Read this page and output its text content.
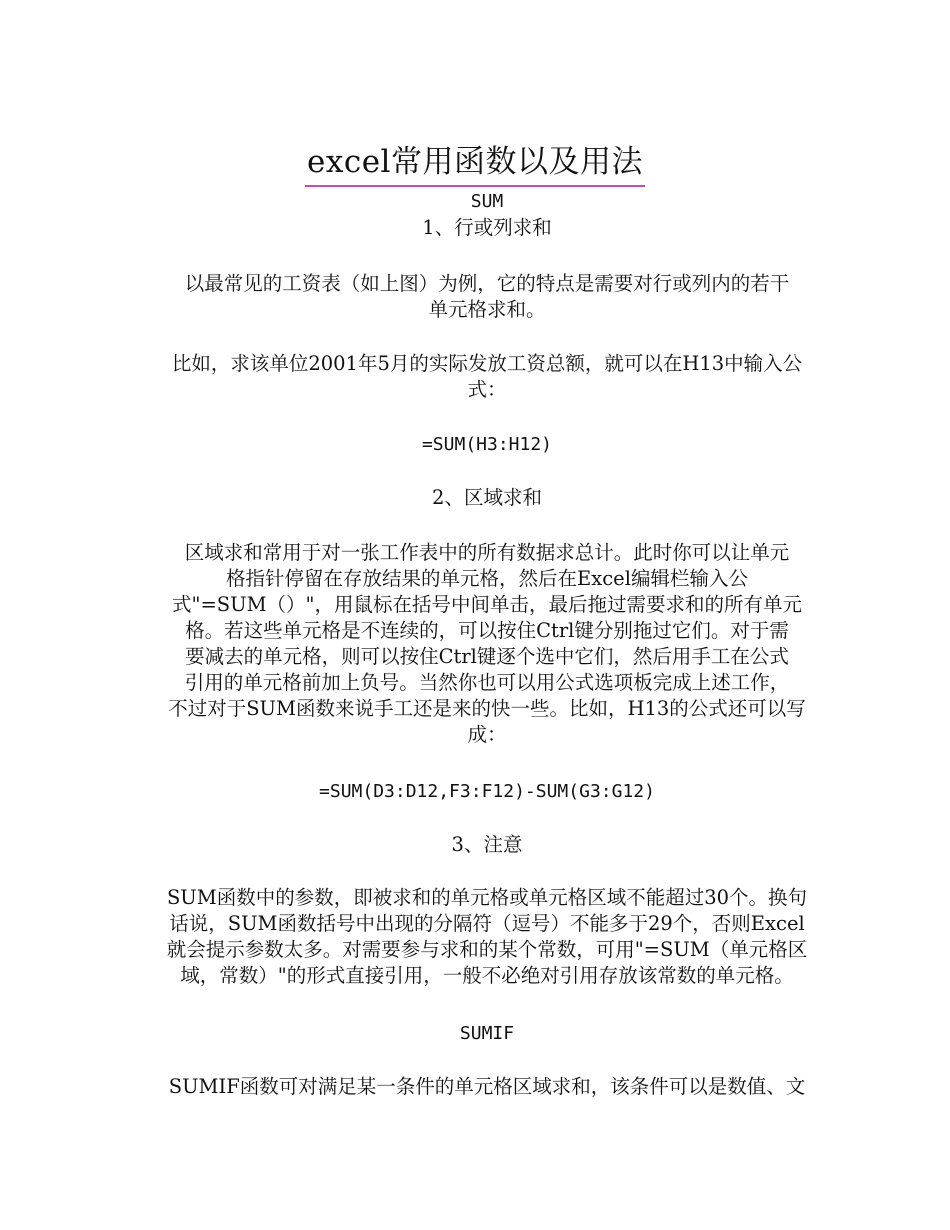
excel常用函数以及用法
SUM
1、行或列求和
以最常见的工资表（如上图）为例，它的特点是需要对行或列内的若干
单元格求和。
比如，求该单位2001年5月的实际发放工资总额，就可以在H13中输入公
式：
=SUM(H3:H12)
2、区域求和
区域求和常用于对一张工作表中的所有数据求总计。此时你可以让单元
格指针停留在存放结果的单元格，然后在Excel编辑栏输入公
式"=SUM（）"，用鼠标在括号中间单击，最后拖过需要求和的所有单元
格。若这些单元格是不连续的，可以按住Ctrl键分别拖过它们。对于需
要减去的单元格，则可以按住Ctrl键逐个选中它们，然后用手工在公式
引用的单元格前加上负号。当然你也可以用公式选项板完成上述工作，
不过对于SUM函数来说手工还是来的快一些。比如，H13的公式还可以写
成：
=SUM(D3:D12,F3:F12)-SUM(G3:G12)
3、注意
SUM函数中的参数，即被求和的单元格或单元格区域不能超过30个。换句
话说，SUM函数括号中出现的分隔符（逗号）不能多于29个，否则Excel
就会提示参数太多。对需要参与求和的某个常数，可用"=SUM（单元格区
域，常数）"的形式直接引用，一般不必绝对引用存放该常数的单元格。
SUMIF
SUMIF函数可对满足某一条件的单元格区域求和，该条件可以是数值、文
